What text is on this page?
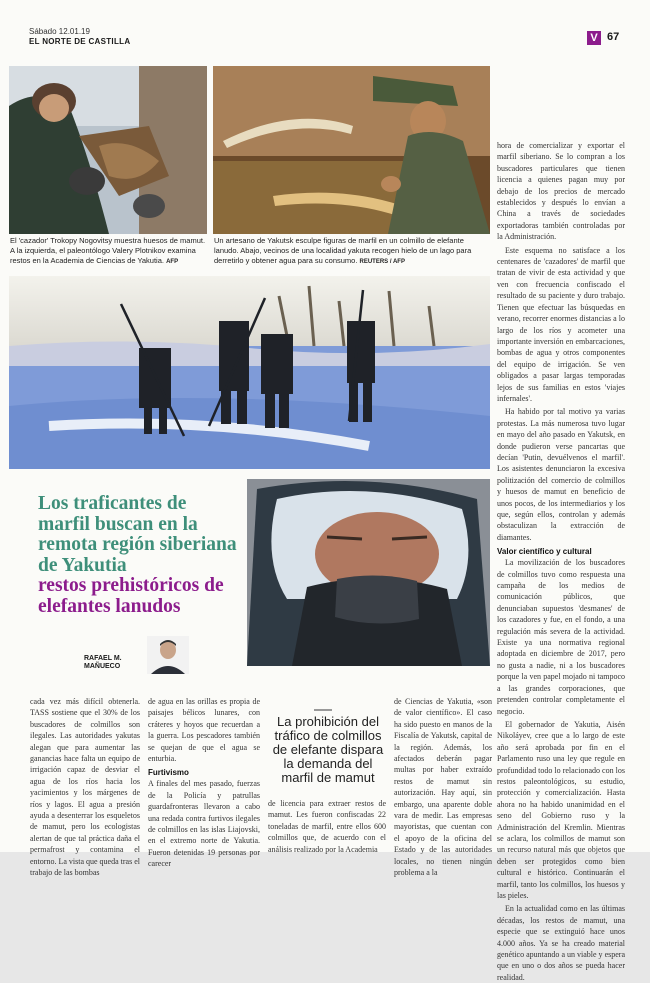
Sábado 12.01.19
EL NORTE DE CASTILLA	V 67
El 'cazador' Trokopy Nogovitsy muestra huesos de mamut. A la izquierda, el paleontólogo Valery Plotnikov examina restos en la Academia de Ciencias de Yakutia. AFP
Un artesano de Yakutsk esculpe figuras de marfil en un colmillo de elefante lanudo. Abajo, vecinos de una localidad yakuta recogen hielo de un lago para derretirlo y obtener agua para su consumo. REUTERS / AFP
Los traficantes de marfil buscan en la remota región siberiana de Yakutia
restos prehistóricos de elefantes lanudos
RAFAEL M. MAÑUECO

hora de comercializar y exportar el marfil siberiano. Se lo compran a los buscadores particulares que tienen licencia a quienes pagan muy por debajo de los precios de mercado establecidos y después lo envían a China a través de sociedades exportadoras también controladas por la Administración.

Este esquema no satisface a los centenares de 'cazadores' de marfil que tratan de vivir de esta actividad y que ven con frecuencia confiscado el resultado de su paciente y duro trabajo. Tienen que efectuar las búsquedas en verano, recorrer enormes distancias a lo largo de los ríos y acometer una importante inversión en embarcaciones, bombas de agua y otros componentes del equipo de irrigación. Se ven obligados a pasar largas temporadas lejos de sus familias en estos 'viajes infernales'.

Ha habido por tal motivo ya varias protestas. La más numerosa tuvo lugar en mayo del año pasado en Yakutsk, en donde pudieron verse pancartas que decían 'Putin, devuélvenos el marfil'. Los asistentes denunciaron la excesiva politización del comercio de colmillos y huesos de mamut en beneficio de unos pocos, de los intermediarios y los que, según ellos, controlan y además obstaculizan la extracción de diamantes.

Valor científico y cultural

La movilización de los buscadores de colmillos tuvo como respuesta una campaña de los medios de comunicación públicos, que denunciaban supuestos 'desmanes' de los cazadores y fue, en el fondo, a una regulación más severa de la actividad. Existe ya una normativa regional adoptada en diciembre de 2017, pero no gusta a nadie, ni a los buscadores porque la ven papel mojado ni tampoco a las grandes corporaciones, que pretenden controlar completamente el negocio.

El gobernador de Yakutia, Aisén Nikoláyev, cree que a lo largo de este año será aprobada por fin en el Parlamento ruso una ley que regule en profundidad todo lo relacionado con los restos paleontológicos, su estudio, protección y comercialización. Hasta ahora no ha habido unanimidad en el seno del Gobierno ruso y la Administración del Kremlin. Mientras se aclara, los colmillos de mamut son un recurso natural más que objetos que deben ser protegidos como bien cultural e histórico. Continuarán el marfil, tanto los colmillos, los huesos y las pieles.

En la actualidad como en las últimas décadas, los restos de mamut, una especie que se extinguió hace unos 4.000 años. Ya se ha creado material genético apuntando a un viable y espera que en uno o dos años se pueda hacer realidad.

cada vez más difícil obtenerla. TASS sostiene que el 30% de los buscadores de colmillos son ilegales. Las autoridades yakutas alegan que para aumentar las ganancias hace falta un equipo de irrigación capaz de desviar el agua de los ríos hacia los yacimientos y los márgenes de ríos y lagos. El agua a presión ayuda a desenterrar los esqueletos de mamut, pero los ecologistas alertan de que tal práctica daña el permafrost y contamina el entorno. La vista que queda tras el trabajo de las bombas

de agua en las orillas es propia de paisajes bélicos lunares, con cráteres y hoyos que recuerdan a la guerra. Los pescadores también se quejan de que el agua se enturbia.

Furtivismo

A finales del mes pasado, fuerzas de la Policía y patrullas guardafronteras llevaron a cabo una redada contra furtivos ilegales de colmillos en las islas Liajovski, en el extremo norte de Yakutia. Fueron detenidas 19 personas por carecer

La prohibición del tráfico de colmillos de elefante dispara la demanda del marfil de mamut

de licencia para extraer restos de mamut. Les fueron confiscadas 22 toneladas de marfil, entre ellos 600 colmillos que, de acuerdo con el análisis realizado por la Academia

de Ciencias de Yakutia, «son de valor científico». El caso ha sido puesto en manos de la Fiscalía de Yakutsk, capital de la región. Además, los afectados deberán pagar multas por haber extraído restos de mamut sin autorización. Hay aquí, sin embargo, una aparente doble vara de medir. Las empresas mayoristas, que cuentan con el apoyo de la oficina del Estado y de las autoridades locales, no tienen ningún problema a la
